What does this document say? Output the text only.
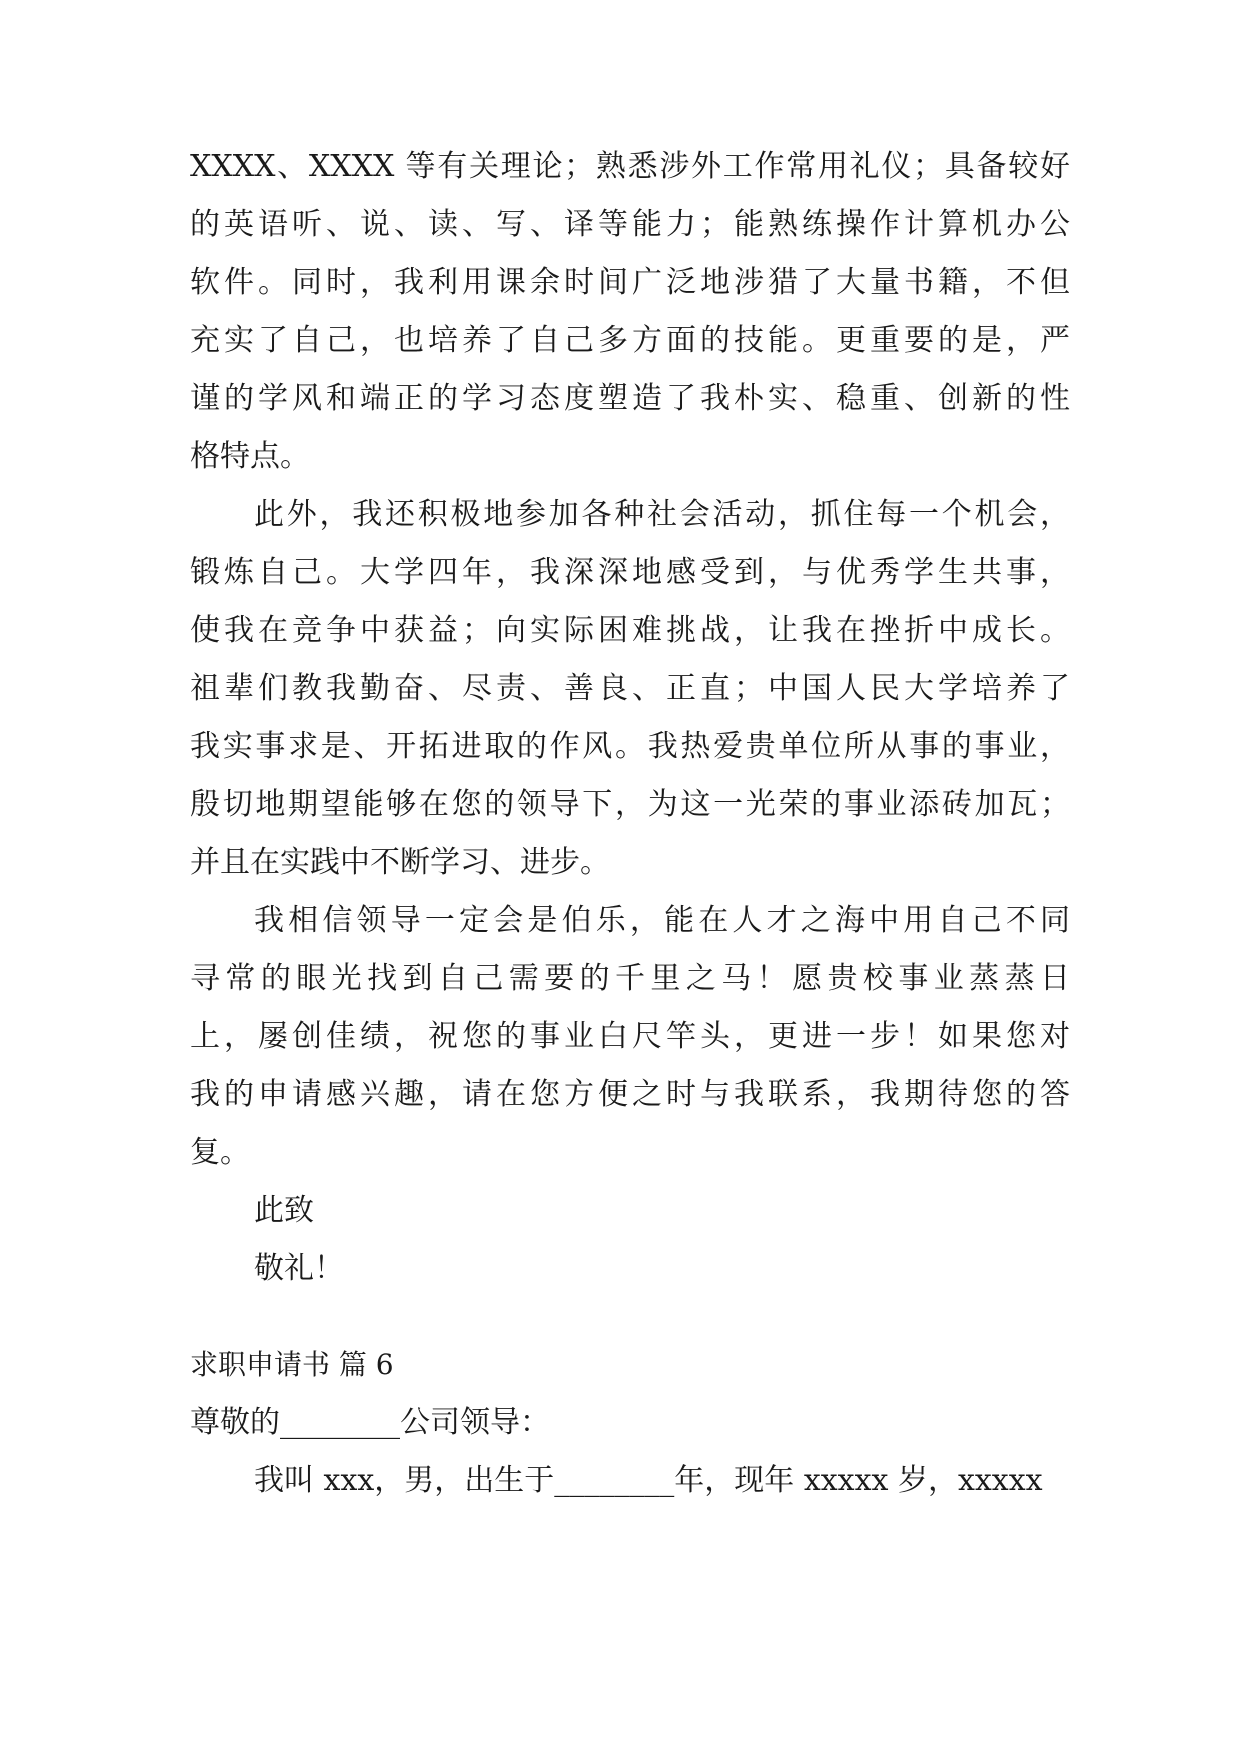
XXXX、XXXX 等有关理论；熟悉涉外工作常用礼仪；具备较好
的英语听、说、读、写、译等能力；能熟练操作计算机办公
软件。同时，我利用课余时间广泛地涉猎了大量书籍，不但
充实了自己，也培养了自己多方面的技能。更重要的是，严
谨的学风和端正的学习态度塑造了我朴实、稳重、创新的性
格特点。
此外，我还积极地参加各种社会活动，抓住每一个机会，
锻炼自己。大学四年，我深深地感受到，与优秀学生共事，
使我在竞争中获益；向实际困难挑战，让我在挫折中成长。
祖辈们教我勤奋、尽责、善良、正直；中国人民大学培养了
我实事求是、开拓进取的作风。我热爱贵单位所从事的事业，
殷切地期望能够在您的领导下，为这一光荣的事业添砖加瓦；
并且在实践中不断学习、进步。
我相信领导一定会是伯乐，能在人才之海中用自己不同
寻常的眼光找到自己需要的千里之马！愿贵校事业蒸蒸日
上，屡创佳绩，祝您的事业白尺竿头，更进一步！如果您对
我的申请感兴趣，请在您方便之时与我联系，我期待您的答
复。
此致
敬礼！
求职申请书 篇 6
尊敬的________公司领导：
我叫 xxx，男，出生于________年，现年 xxxxx 岁，xxxxx
